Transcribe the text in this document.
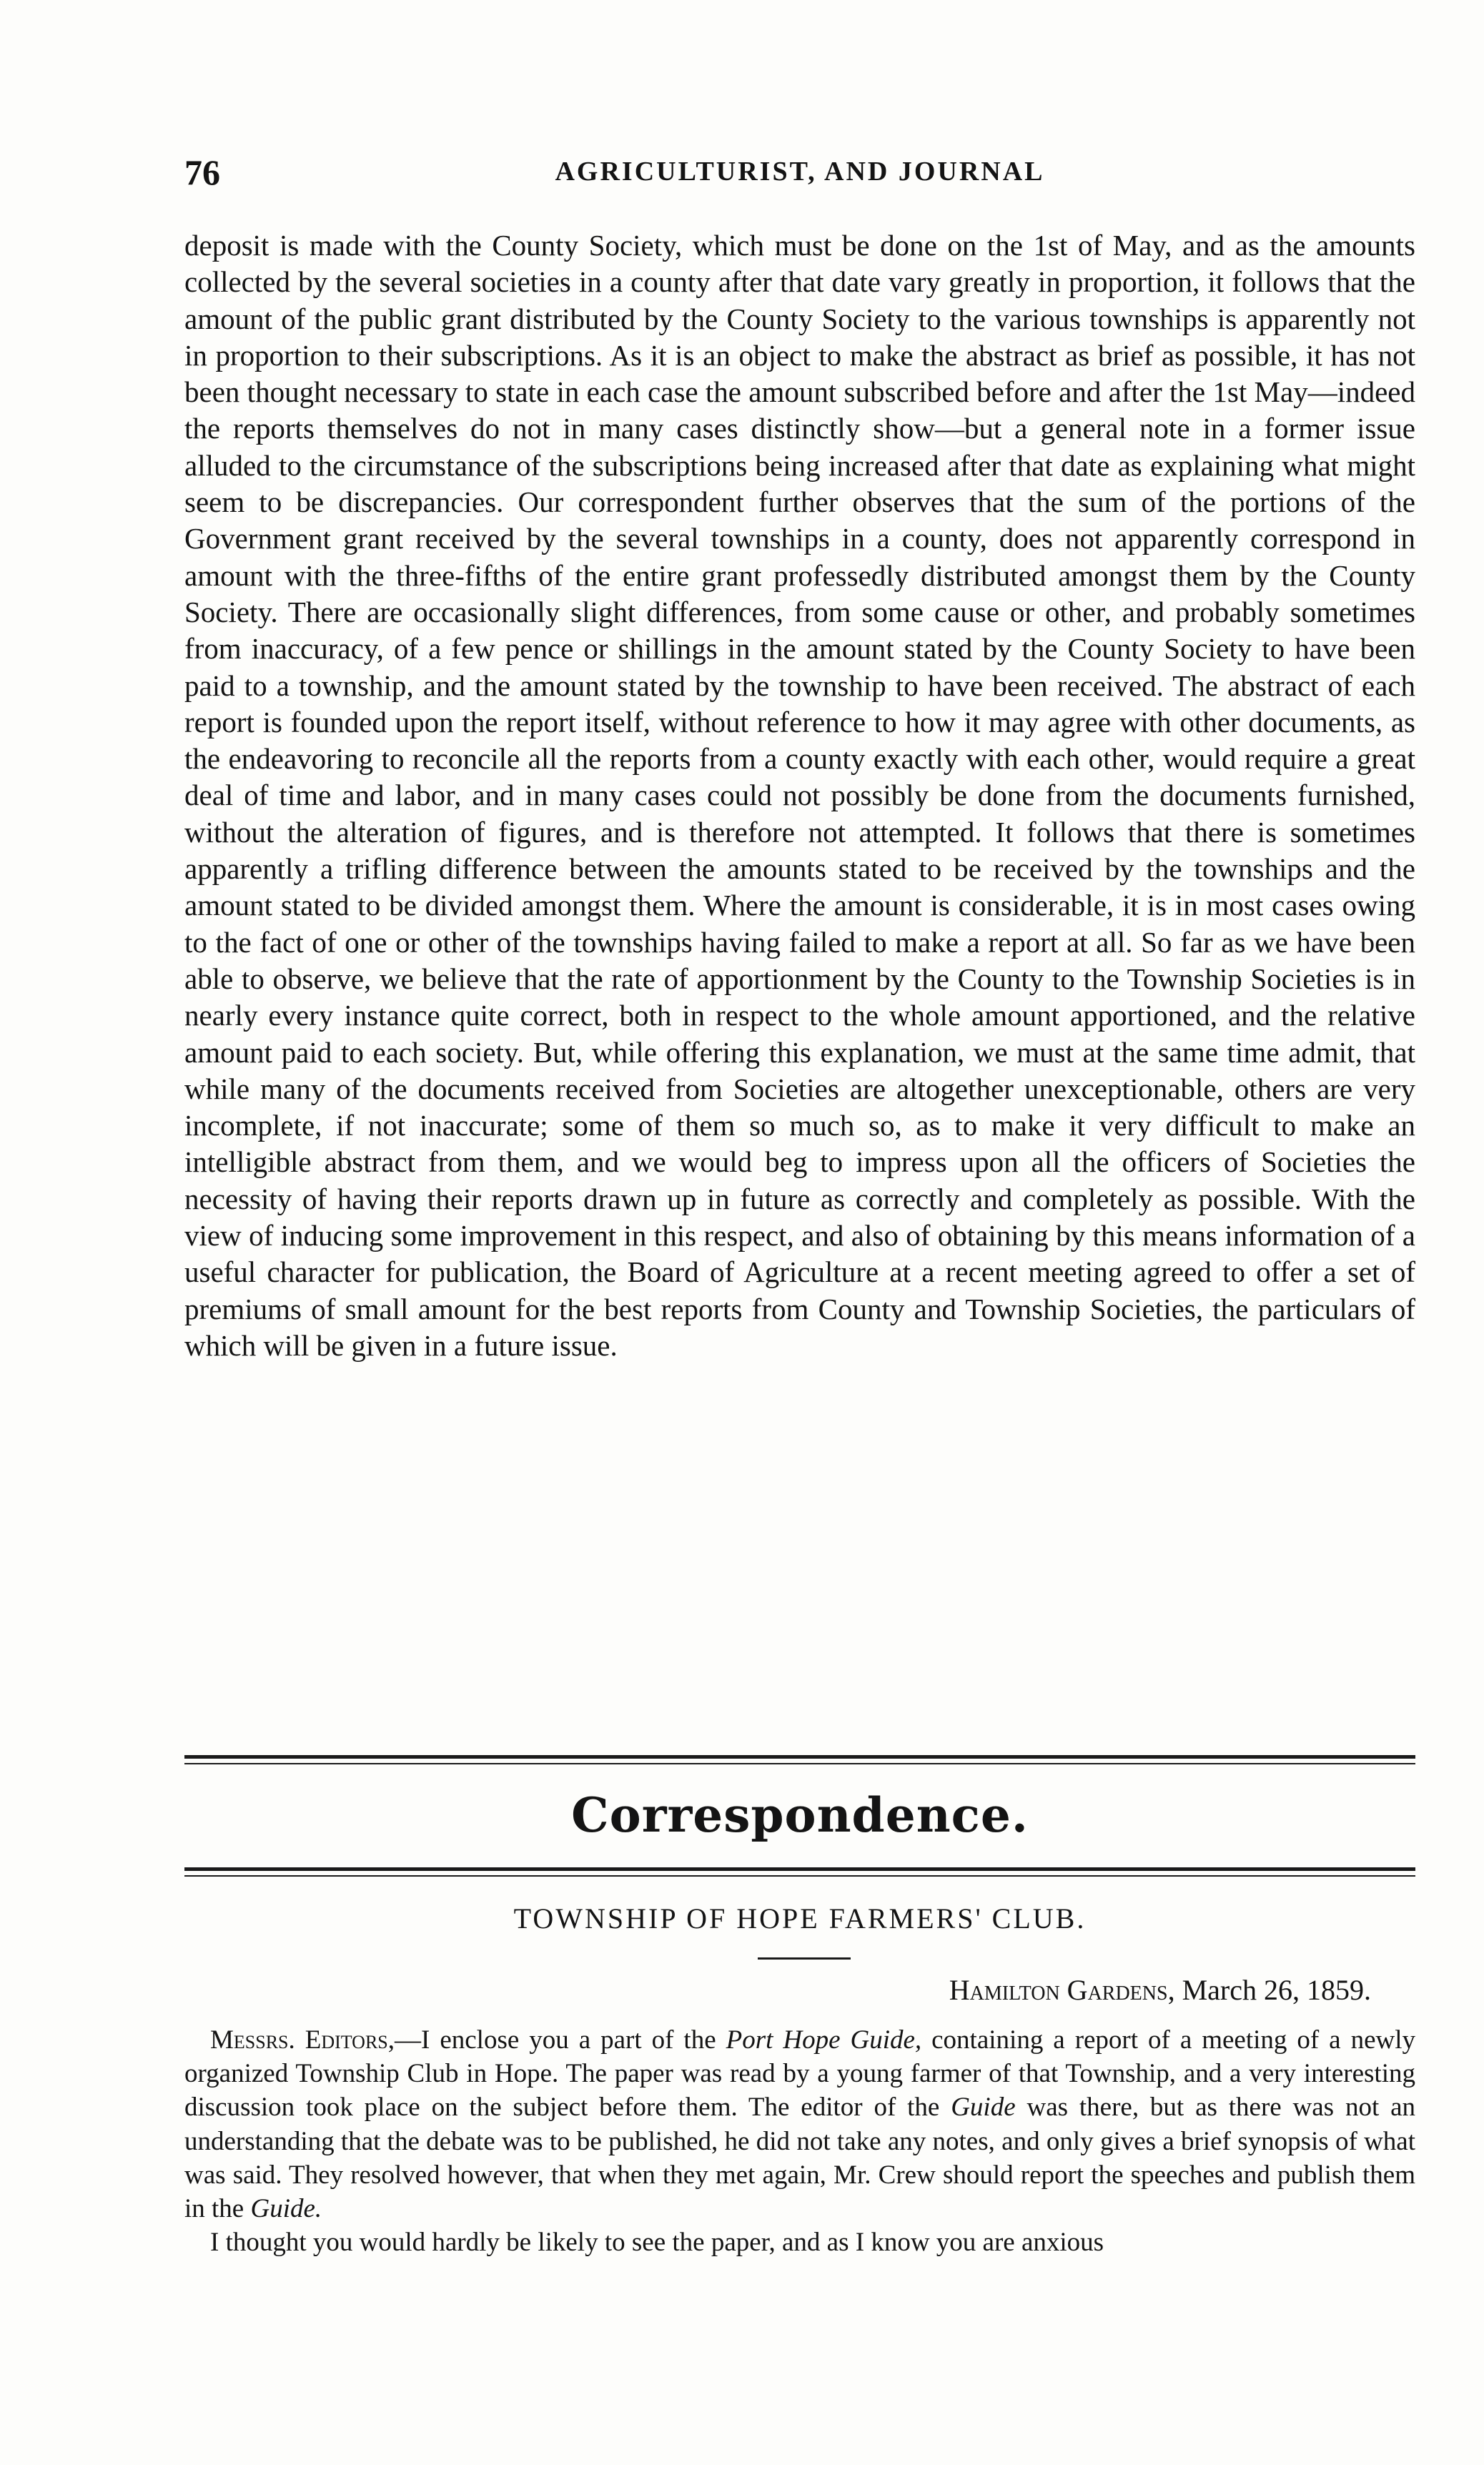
76	AGRICULTURIST, AND JOURNAL

deposit is made with the County Society, which must be done on the 1st of May, and as the amounts collected by the several societies in a county after that date vary greatly in proportion, it follows that the amount of the public grant distributed by the County Society to the various townships is apparently not in proportion to their subscriptions. As it is an object to make the abstract as brief as possible, it has not been thought necessary to state in each case the amount subscribed before and after the 1st May—indeed the reports themselves do not in many cases distinctly show—but a general note in a former issue alluded to the circumstance of the subscriptions being increased after that date as explaining what might seem to be discrepancies. Our correspondent further observes that the sum of the portions of the Government grant received by the several townships in a county, does not apparently correspond in amount with the three-fifths of the entire grant professedly distributed amongst them by the County Society. There are occasionally slight differences, from some cause or other, and probably sometimes from inaccuracy, of a few pence or shillings in the amount stated by the County Society to have been paid to a township, and the amount stated by the township to have been received. The abstract of each report is founded upon the report itself, without reference to how it may agree with other documents, as the endeavoring to reconcile all the reports from a county exactly with each other, would require a great deal of time and labor, and in many cases could not possibly be done from the documents furnished, without the alteration of figures, and is therefore not attempted. It follows that there is sometimes apparently a trifling difference between the amounts stated to be received by the townships and the amount stated to be divided amongst them. Where the amount is considerable, it is in most cases owing to the fact of one or other of the townships having failed to make a report at all. So far as we have been able to observe, we believe that the rate of apportionment by the County to the Township Societies is in nearly every instance quite correct, both in respect to the whole amount apportioned, and the relative amount paid to each society. But, while offering this explanation, we must at the same time admit, that while many of the documents received from Societies are altogether unexceptionable, others are very incomplete, if not inaccurate; some of them so much so, as to make it very difficult to make an intelligible abstract from them, and we would beg to impress upon all the officers of Societies the necessity of having their reports drawn up in future as correctly and completely as possible. With the view of inducing some improvement in this respect, and also of obtaining by this means information of a useful character for publication, the Board of Agriculture at a recent meeting agreed to offer a set of premiums of small amount for the best reports from County and Township Societies, the particulars of which will be given in a future issue.

Correspondence.
TOWNSHIP OF HOPE FARMERS' CLUB.
Hamilton Gardens, March 26, 1859.

Messrs. Editors,—I enclose you a part of the Port Hope Guide, containing a report of a meeting of a newly organized Township Club in Hope. The paper was read by a young farmer of that Township, and a very interesting discussion took place on the subject before them. The editor of the Guide was there, but as there was not an understanding that the debate was to be published, he did not take any notes, and only gives a brief synopsis of what was said. They resolved however, that when they met again, Mr. Crew should report the speeches and publish them in the Guide.

I thought you would hardly be likely to see the paper, and as I know you are anxious
